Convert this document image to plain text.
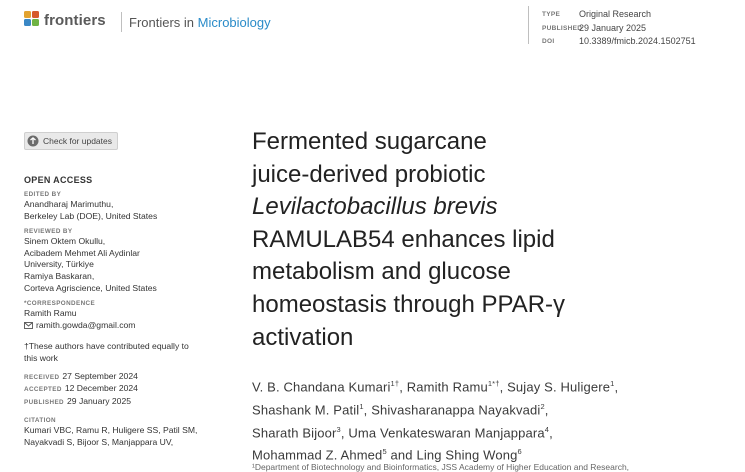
frontiers Frontiers in Microbiology
TYPE Original Research
PUBLISHED29 January 2025
DOI	10.3389/fmicb.2024.1502751
Check for updates
OPEN ACCESS
EDITED BY
Anandharaj Marimuthu,
Berkeley Lab (DOE), United States
REVIEWED BY
Sinem Oktem Okullu,
Acibadem Mehmet Ali Aydinlar
University, Türkiye
Ramiya Baskaran,
Corteva Agriscience, United States
*CORRESPONDENCE
Ramith Ramu
ramith.gowda@gmail.com
†These authors have contributed equally to
this work
RECEIVED 27 September 2024
ACCEPTED 12 December 2024
PUBLISHED 29 January 2025
CITATION
Kumari VBC, Ramu R, Huligere SS, Patil SM,
Nayakvadi S, Bijoor S, Manjappara UV,
Fermented sugarcane
juice-derived probiotic
Levilactobacillus brevis
RAMULAB54 enhances lipid
metabolism and glucose
homeostasis through PPAR-γ
activation
V. B. Chandana Kumari$^{1\dagger}$, Ramith Ramu$^{1*\dagger}$, Sujay S. Huligere$^1$,
Shashank M. Patil$^1$, Shivasharanappa Nayakvadi$^2$,
Sharath Bijoor$^3$, Uma Venkateswaran Manjappara$^4$,
Mohammad Z. Ahmed$^5$ and Ling Shing Wong$^6$
¹Department of Biotechnology and Bioinformatics, JSS Academy of Higher Education and Research,
